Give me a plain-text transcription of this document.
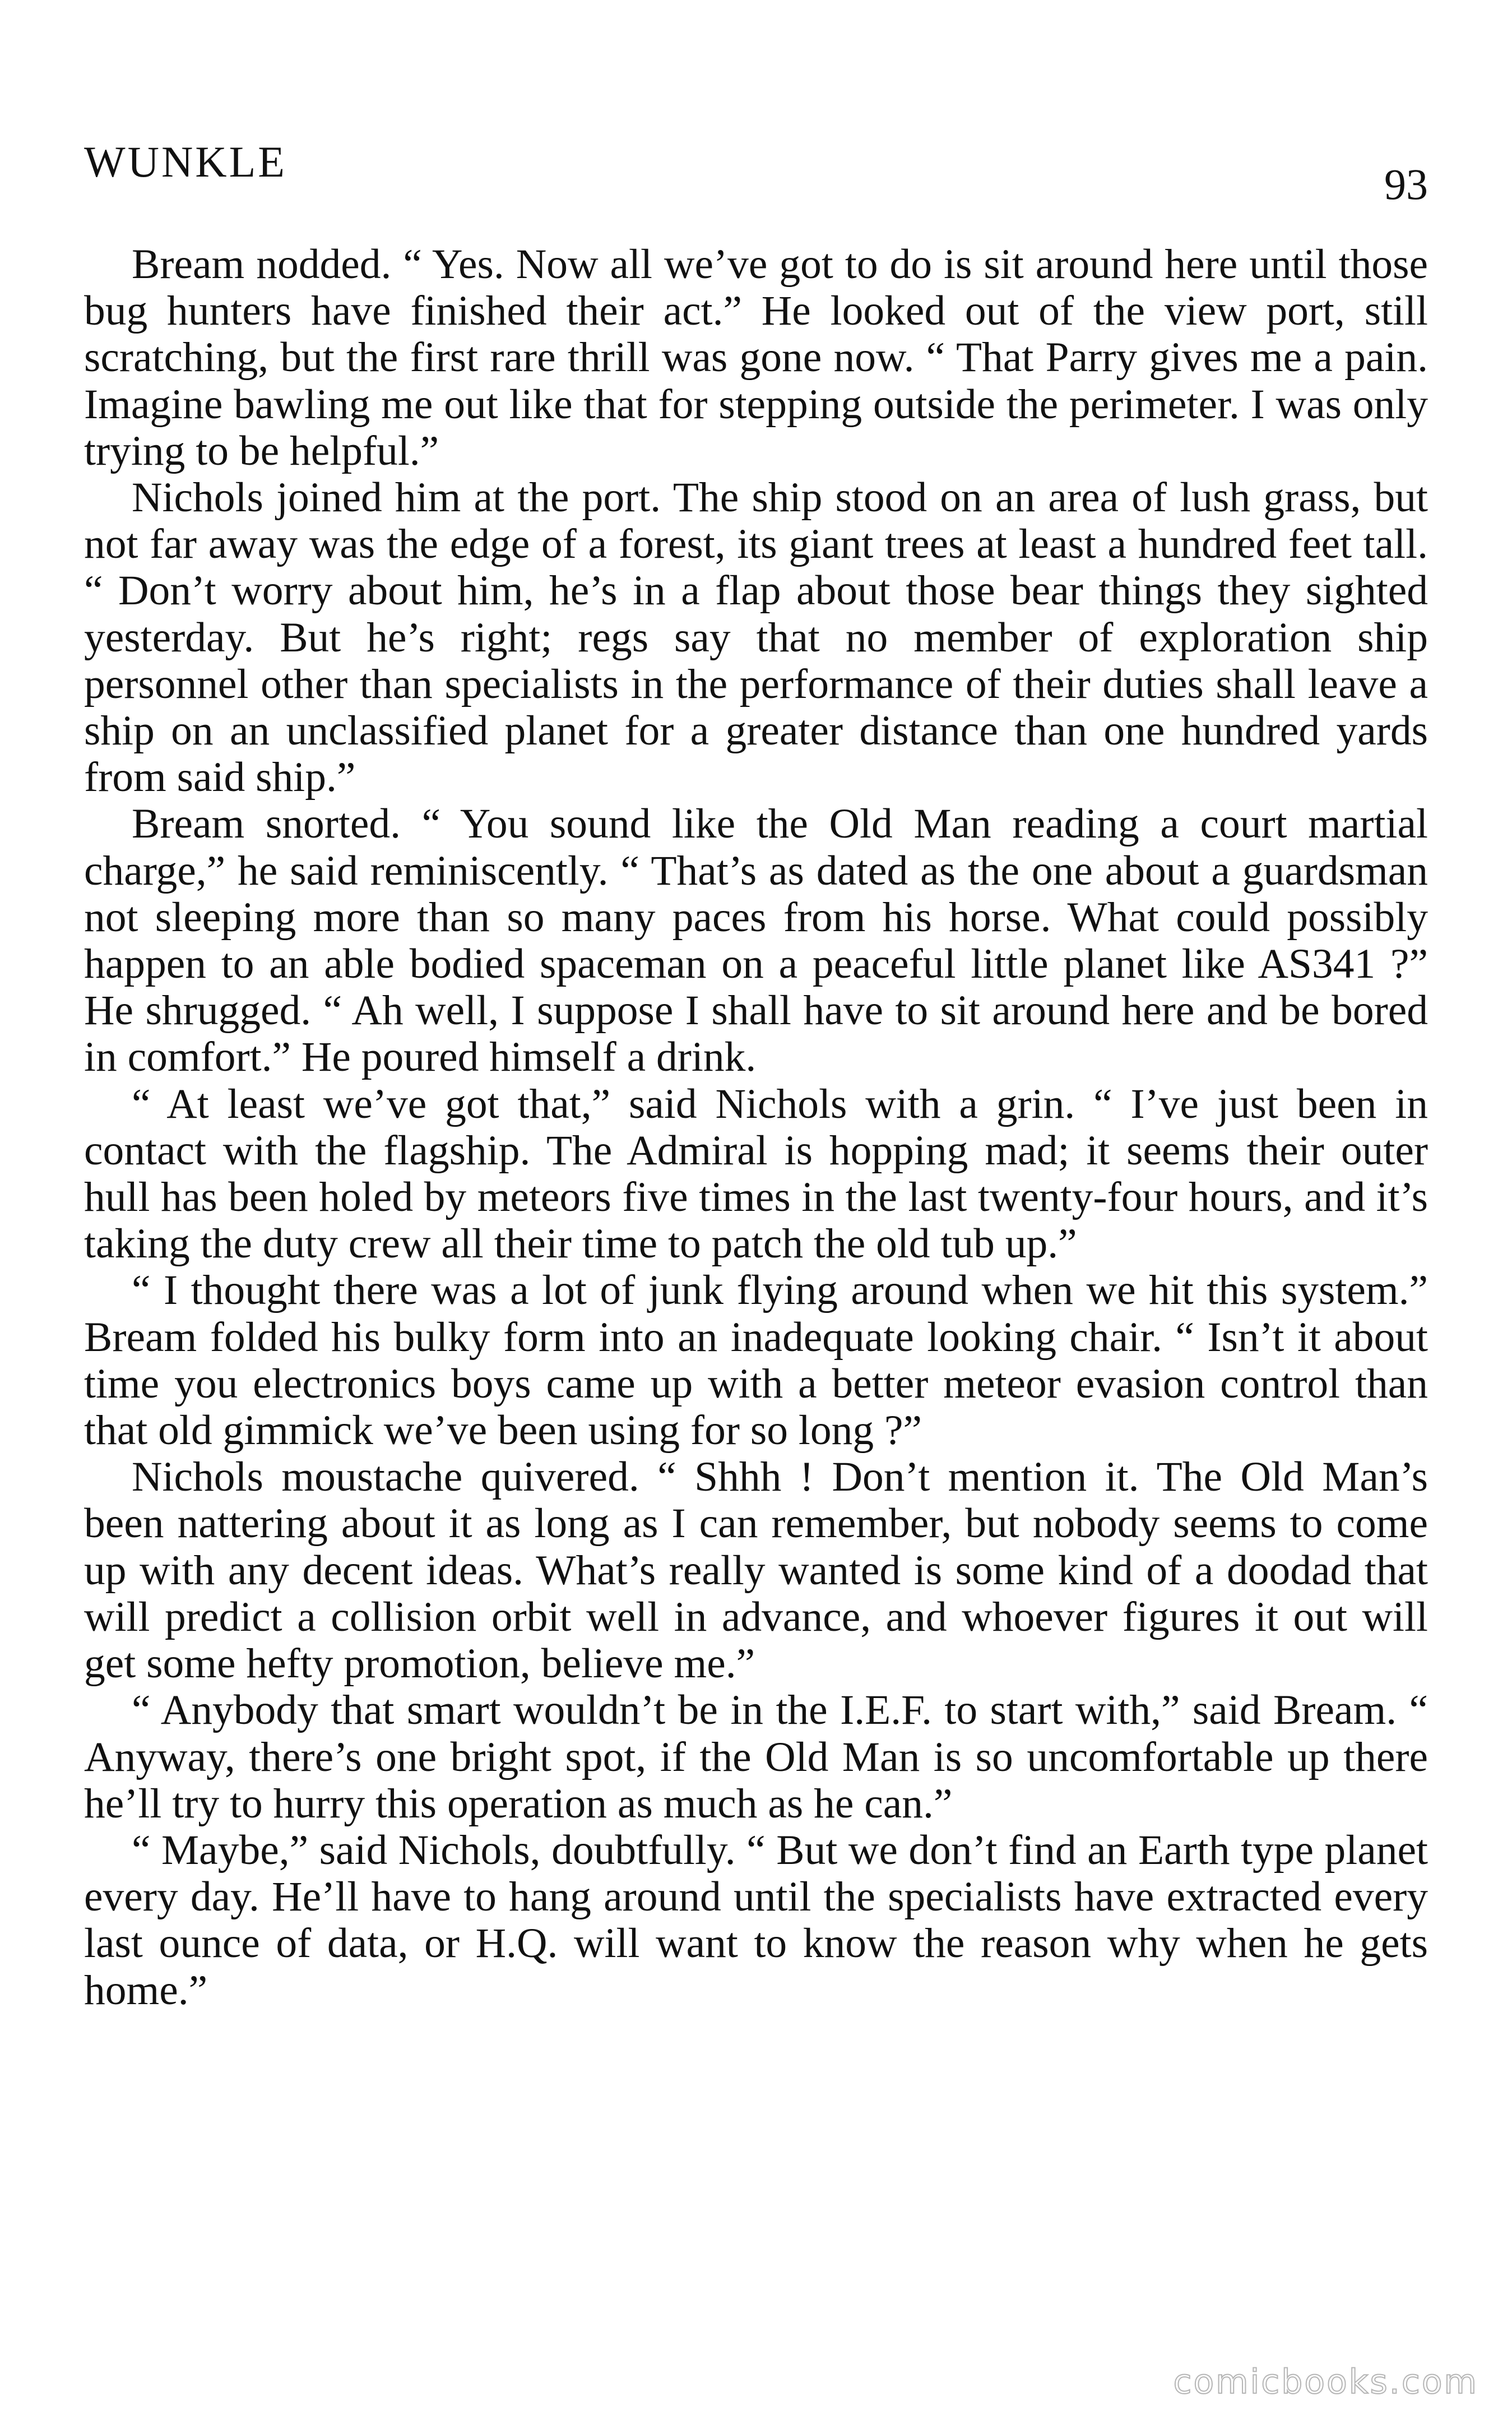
WUNKLE	93

Bream nodded. “ Yes. Now all we’ve got to do is sit around here until those bug hunters have finished their act.” He looked out of the view port, still scratching, but the first rare thrill was gone now. “ That Parry gives me a pain. Imagine bawling me out like that for stepping outside the perimeter. I was only trying to be helpful.”

Nichols joined him at the port. The ship stood on an area of lush grass, but not far away was the edge of a forest, its giant trees at least a hundred feet tall. “ Don’t worry about him, he’s in a flap about those bear things they sighted yesterday. But he’s right; regs say that no member of exploration ship personnel other than specialists in the performance of their duties shall leave a ship on an unclassified planet for a greater distance than one hundred yards from said ship.”

Bream snorted. “ You sound like the Old Man reading a court martial charge,” he said reminiscently. “ That’s as dated as the one about a guardsman not sleeping more than so many paces from his horse. What could possibly happen to an able bodied spaceman on a peaceful little planet like AS341 ?” He shrugged. “ Ah well, I suppose I shall have to sit around here and be bored in comfort.” He poured himself a drink.

“ At least we’ve got that,” said Nichols with a grin. “ I’ve just been in contact with the flagship. The Admiral is hopping mad; it seems their outer hull has been holed by meteors five times in the last twenty-four hours, and it’s taking the duty crew all their time to patch the old tub up.”

“ I thought there was a lot of junk flying around when we hit this system.” Bream folded his bulky form into an inadequate looking chair. “ Isn’t it about time you electronics boys came up with a better meteor evasion control than that old gimmick we’ve been using for so long ?”

Nichols moustache quivered. “ Shhh ! Don’t mention it. The Old Man’s been nattering about it as long as I can remember, but nobody seems to come up with any decent ideas. What’s really wanted is some kind of a doodad that will predict a collision orbit well in advance, and whoever figures it out will get some hefty promotion, believe me.”

“ Anybody that smart wouldn’t be in the I.E.F. to start with,” said Bream. “ Anyway, there’s one bright spot, if the Old Man is so uncomfortable up there he’ll try to hurry this operation as much as he can.”

“ Maybe,” said Nichols, doubtfully. “ But we don’t find an Earth type planet every day. He’ll have to hang around until the specialists have extracted every last ounce of data, or H.Q. will want to know the reason why when he gets home.”

comicbooks.com
